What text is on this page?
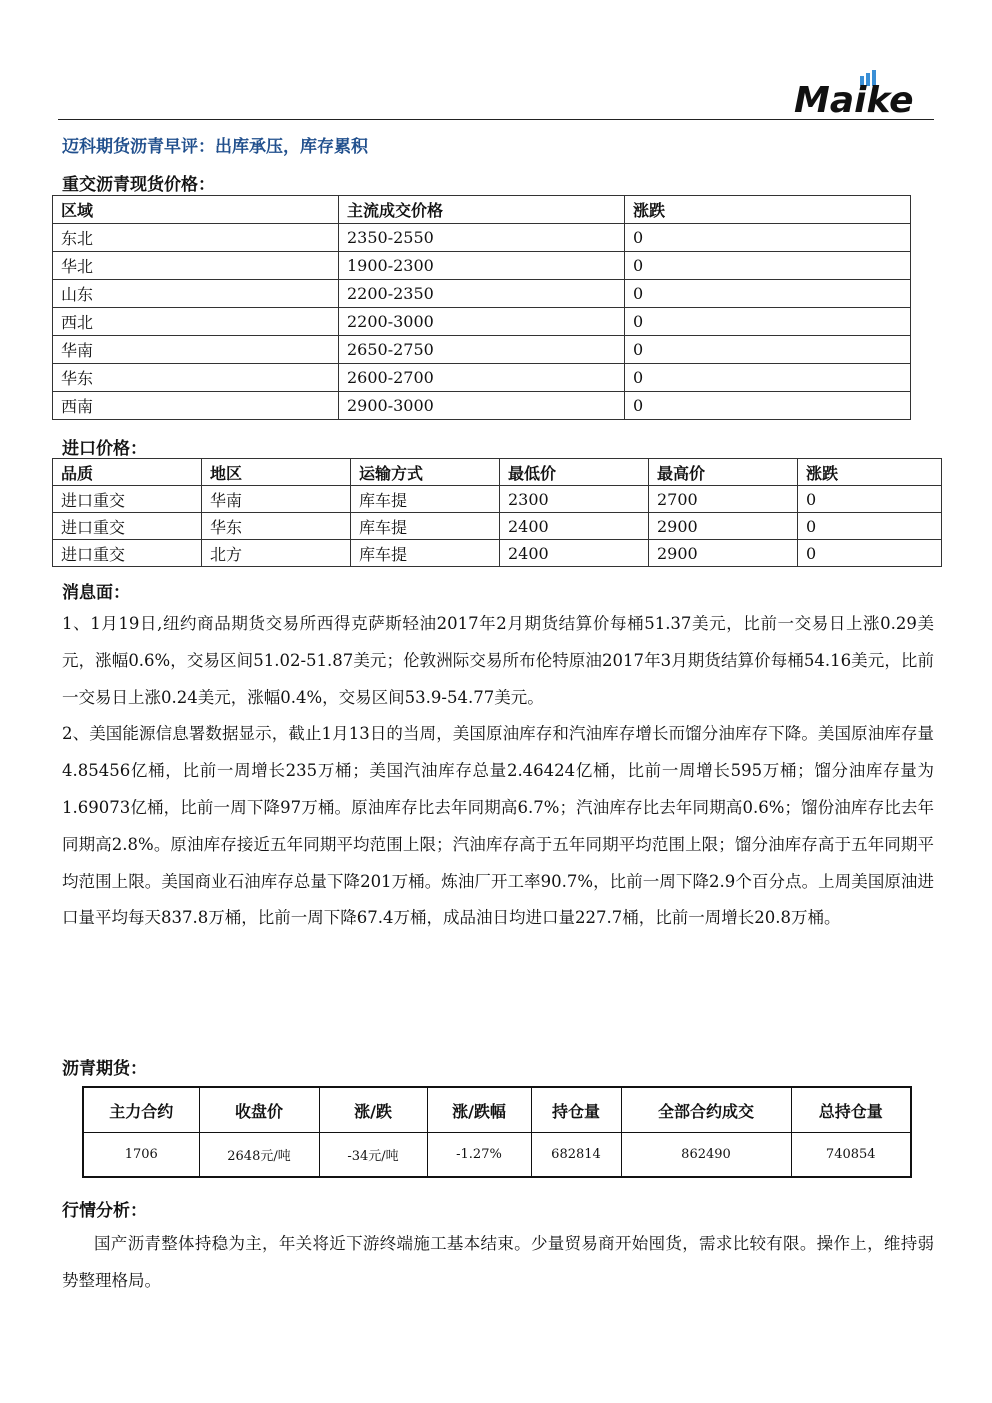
Maike
迈科期货沥青早评：出库承压，库存累积
重交沥青现货价格：
区域	主流成交价格	涨跌
东北	2350-2550	0
华北	1900-2300	0
山东	2200-2350	0
西北	2200-3000	0
华南	2650-2750	0
华东	2600-2700	0
西南	2900-3000	0
进口价格：
品质	地区	运输方式	最低价	最高价	涨跌
进口重交	华南	库车提	2300	2700	0
进口重交	华东	库车提	2400	2900	0
进口重交	北方	库车提	2400	2900	0
消息面：

1、1月19日,纽约商品期货交易所西得克萨斯轻油2017年2月期货结算价每桶51.37美元，比前一交易日上涨0.29美元，涨幅0.6%，交易区间51.02-51.87美元；伦敦洲际交易所布伦特原油2017年3月期货结算价每桶54.16美元，比前一交易日上涨0.24美元，涨幅0.4%，交易区间53.9-54.77美元。

2、美国能源信息署数据显示，截止1月13日的当周，美国原油库存和汽油库存增长而馏分油库存下降。美国原油库存量4.85456亿桶，比前一周增长235万桶；美国汽油库存总量2.46424亿桶，比前一周增长595万桶；馏分油库存量为1.69073亿桶，比前一周下降97万桶。原油库存比去年同期高6.7%；汽油库存比去年同期高0.6%；馏份油库存比去年同期高2.8%。原油库存接近五年同期平均范围上限；汽油库存高于五年同期平均范围上限；馏分油库存高于五年同期平均范围上限。美国商业石油库存总量下降201万桶。炼油厂开工率90.7%，比前一周下降2.9个百分点。上周美国原油进口量平均每天837.8万桶，比前一周下降67.4万桶，成品油日均进口量227.7桶，比前一周增长20.8万桶。

沥青期货：
主力合约	收盘价	涨/跌	涨/跌幅	持仓量	全部合约成交	总持仓量
1706	2648元/吨	-34元/吨	-1.27%	682814	862490	740854
行情分析：

国产沥青整体持稳为主，年关将近下游终端施工基本结束。少量贸易商开始囤货，需求比较有限。操作上，维持弱势整理格局。
